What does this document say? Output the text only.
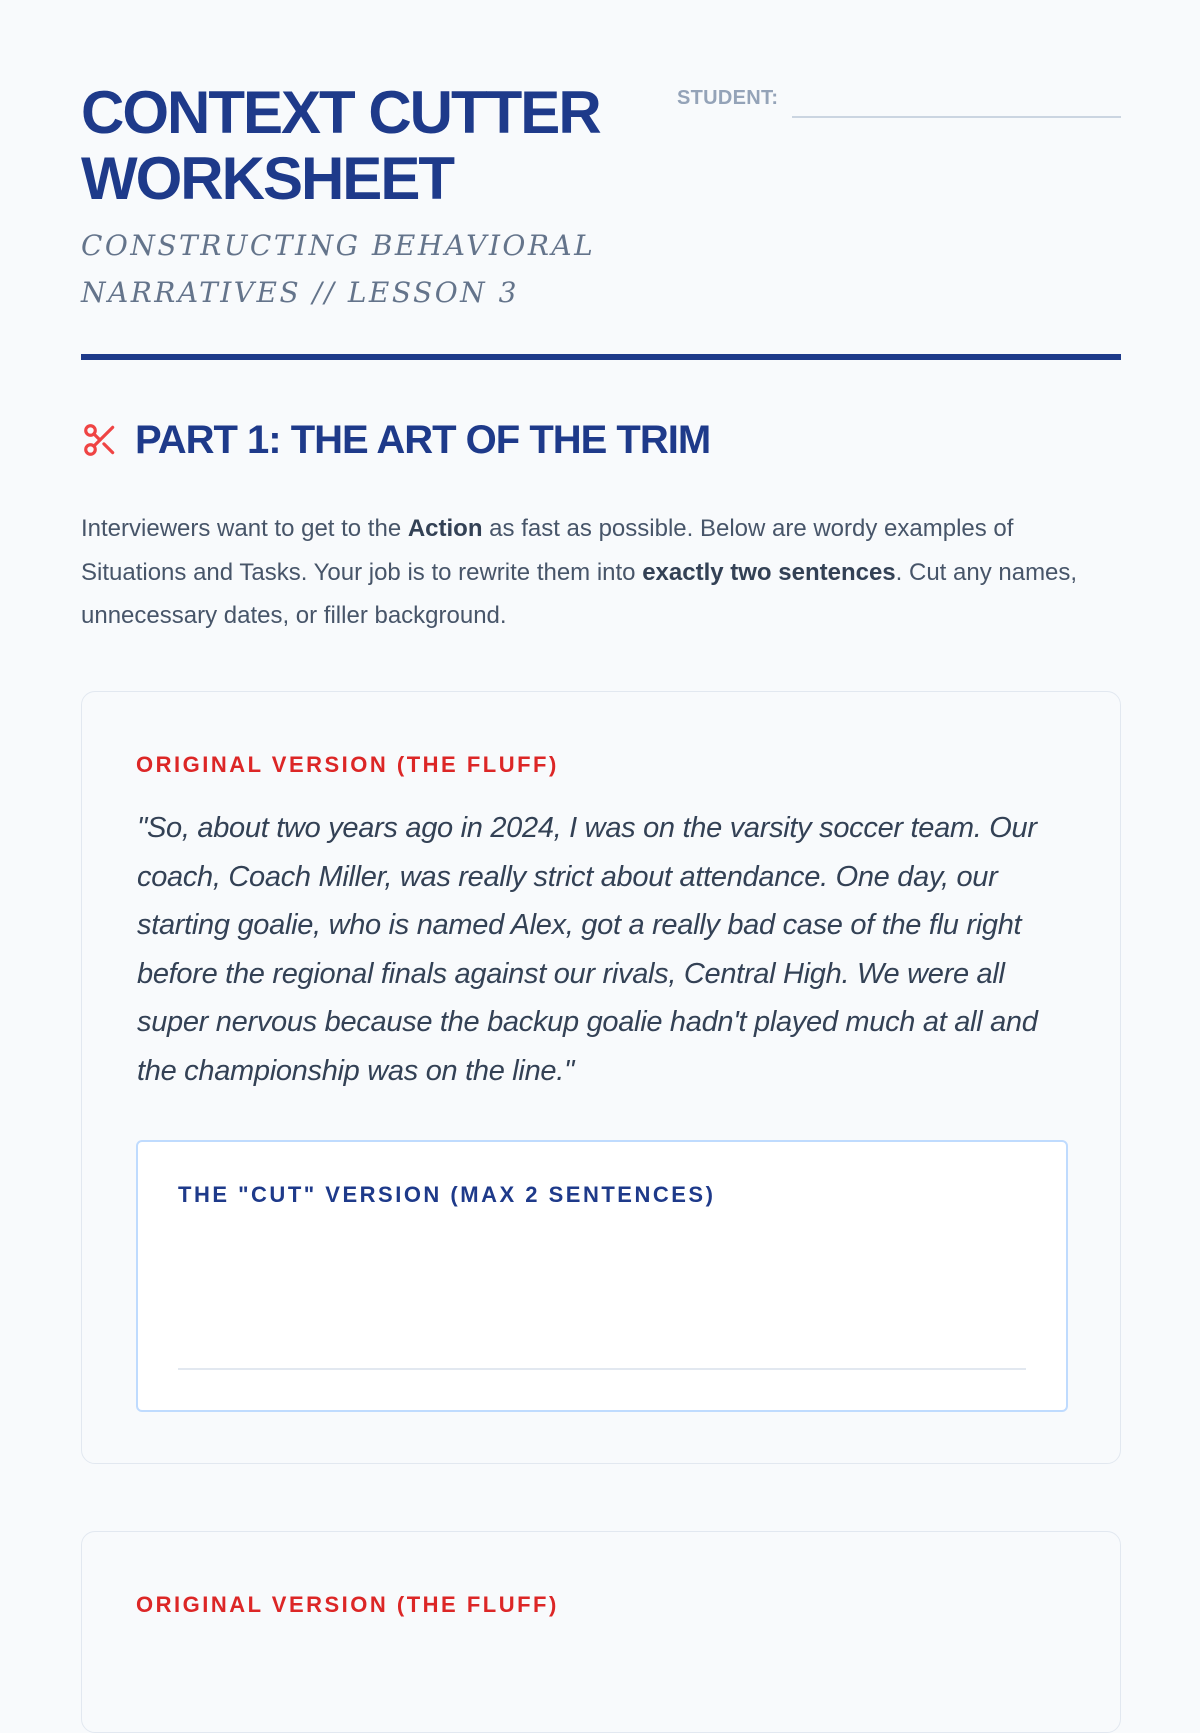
CONTEXT CUTTER WORKSHEET

CONSTRUCTING BEHAVIORAL NARRATIVES // LESSON 3

STUDENT:
PART 1: THE ART OF THE TRIM

Interviewers want to get to the Action as fast as possible. Below are wordy examples of Situations and Tasks. Your job is to rewrite them into exactly two sentences. Cut any names, unnecessary dates, or filler background.

ORIGINAL VERSION (THE FLUFF)

"So, about two years ago in 2024, I was on the varsity soccer team. Our coach, Coach Miller, was really strict about attendance. One day, our starting goalie, who is named Alex, got a really bad case of the flu right before the regional finals against our rivals, Central High. We were all super nervous because the backup goalie hadn't played much at all and the championship was on the line."

THE "CUT" VERSION (MAX 2 SENTENCES)

ORIGINAL VERSION (THE FLUFF)
